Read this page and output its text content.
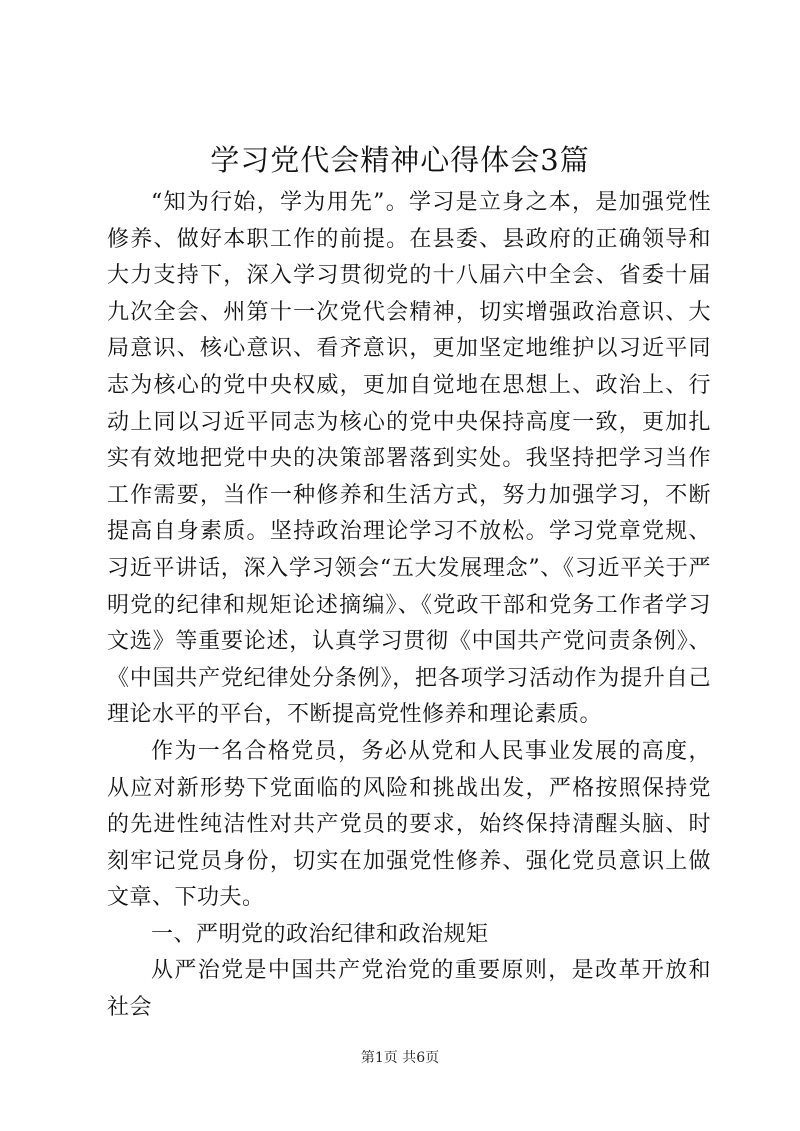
学习党代会精神心得体会3篇

“知为行始，学为用先”。学习是立身之本，是加强党性修养、做好本职工作的前提。在县委、县政府的正确领导和大力支持下，深入学习贯彻党的十八届六中全会、省委十届九次全会、州第十一次党代会精神，切实增强政治意识、大局意识、核心意识、看齐意识，更加坚定地维护以习近平同志为核心的党中央权威，更加自觉地在思想上、政治上、行动上同以习近平同志为核心的党中央保持高度一致，更加扎实有效地把党中央的决策部署落到实处。我坚持把学习当作工作需要，当作一种修养和生活方式，努力加强学习，不断提高自身素质。坚持政治理论学习不放松。学习党章党规、习近平讲话，深入学习领会“五大发展理念”、《习近平关于严明党的纪律和规矩论述摘编》、《党政干部和党务工作者学习文选》等重要论述，认真学习贯彻《中国共产党问责条例》、《中国共产党纪律处分条例》，把各项学习活动作为提升自己理论水平的平台，不断提高党性修养和理论素质。

作为一名合格党员，务必从党和人民事业发展的高度，从应对新形势下党面临的风险和挑战出发，严格按照保持党的先进性纯洁性对共产党员的要求，始终保持清醒头脑、时刻牢记党员身份，切实在加强党性修养、强化党员意识上做文章、下功夫。

一、严明党的政治纪律和政治规矩

从严治党是中国共产党治党的重要原则，是改革开放和社会

第1页 共6页
